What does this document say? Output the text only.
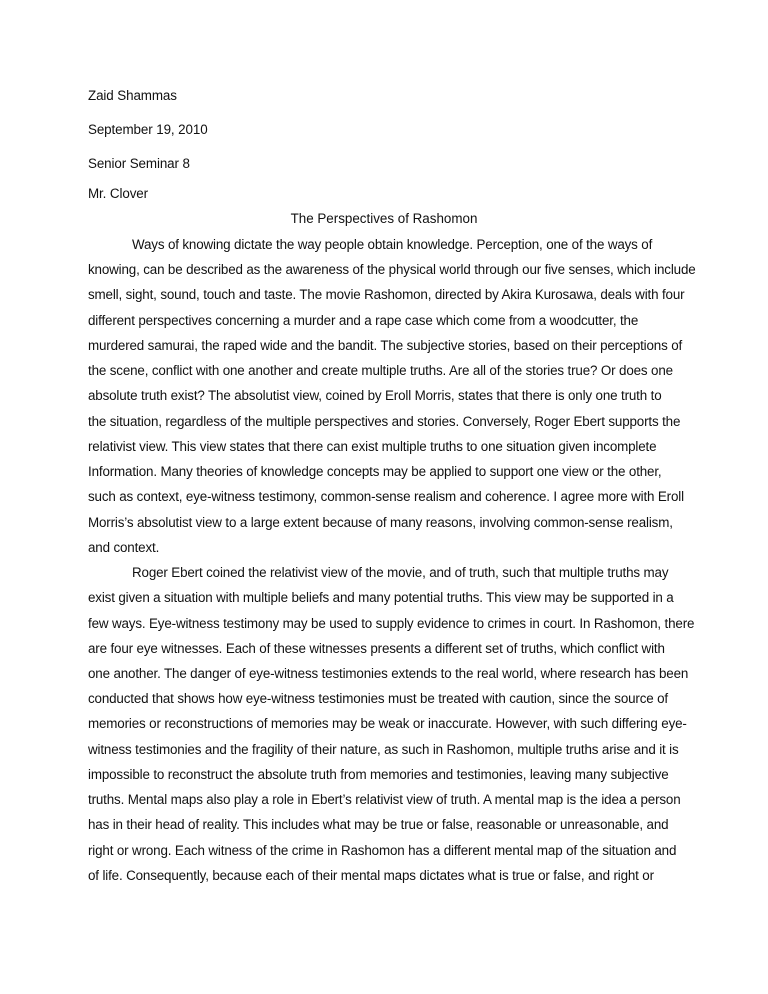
Zaid Shammas
September 19, 2010
Senior Seminar 8
Mr. Clover
The Perspectives of Rashomon
Ways of knowing dictate the way people obtain knowledge. Perception, one of the ways of
knowing, can be described as the awareness of the physical world through our five senses, which include
smell, sight, sound, touch and taste. The movie Rashomon, directed by Akira Kurosawa, deals with four
different perspectives concerning a murder and a rape case which come from a woodcutter, the
murdered samurai, the raped wide and the bandit. The subjective stories, based on their perceptions of
the scene, conflict with one another and create multiple truths. Are all of the stories true? Or does one
absolute truth exist? The absolutist view, coined by Eroll Morris, states that there is only one truth to
the situation, regardless of the multiple perspectives and stories. Conversely, Roger Ebert supports the
relativist view. This view states that there can exist multiple truths to one situation given incomplete
Information. Many theories of knowledge concepts may be applied to support one view or the other,
such as context, eye-witness testimony, common-sense realism and coherence. I agree more with Eroll
Morris’s absolutist view to a large extent because of many reasons, involving common-sense realism,
and context.
Roger Ebert coined the relativist view of the movie, and of truth, such that multiple truths may
exist given a situation with multiple beliefs and many potential truths. This view may be supported in a
few ways. Eye-witness testimony may be used to supply evidence to crimes in court. In Rashomon, there
are four eye witnesses. Each of these witnesses presents a different set of truths, which conflict with
one another. The danger of eye-witness testimonies extends to the real world, where research has been
conducted that shows how eye-witness testimonies must be treated with caution, since the source of
memories or reconstructions of memories may be weak or inaccurate. However, with such differing eye-
witness testimonies and the fragility of their nature, as such in Rashomon, multiple truths arise and it is
impossible to reconstruct the absolute truth from memories and testimonies, leaving many subjective
truths. Mental maps also play a role in Ebert’s relativist view of truth. A mental map is the idea a person
has in their head of reality. This includes what may be true or false, reasonable or unreasonable, and
right or wrong. Each witness of the crime in Rashomon has a different mental map of the situation and
of life. Consequently, because each of their mental maps dictates what is true or false, and right or
